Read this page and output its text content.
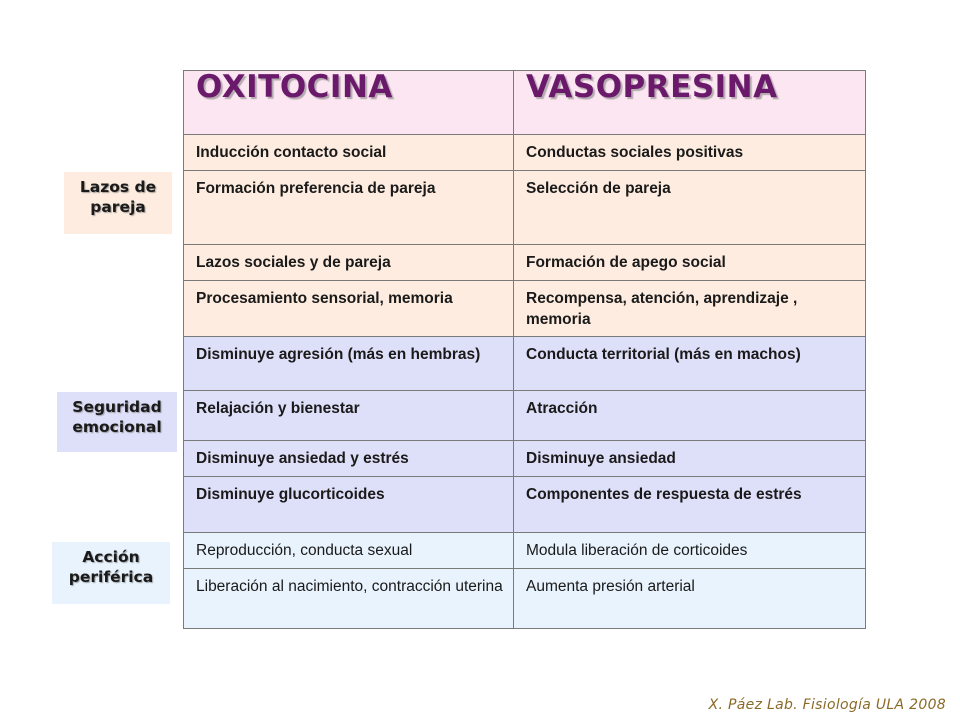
OXITOCINA	VASOPRESINA
Inducción contacto social	Conductas sociales positivas
Formación preferencia de pareja	Selección de pareja
Lazos sociales y de pareja	Formación de apego social
Procesamiento sensorial, memoria	Recompensa, atención, aprendizaje , memoria
Disminuye agresión (más en hembras)	Conducta territorial (más en machos)
Relajación y bienestar	Atracción
Disminuye ansiedad y estrés	Disminuye ansiedad
Disminuye glucorticoides	Componentes de respuesta de estrés
Reproducción, conducta sexual	Modula liberación de corticoides
Liberación al nacimiento, contracción uterina	Aumenta presión arterial
Lazos de
pareja
Seguridad
emocional
Acción
periférica
X. Páez Lab. Fisiología ULA 2008
